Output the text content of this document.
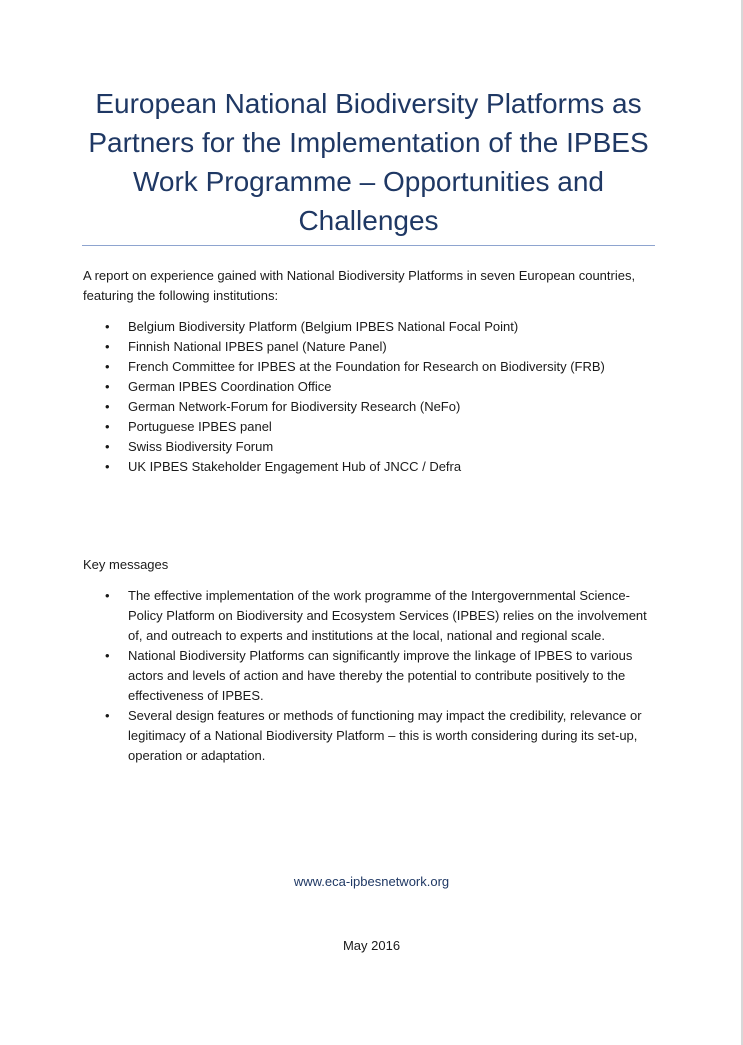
European National Biodiversity Platforms as Partners for the Implementation of the IPBES Work Programme – Opportunities and Challenges

A report on experience gained with National Biodiversity Platforms in seven European countries, featuring the following institutions:

• Belgium Biodiversity Platform (Belgium IPBES National Focal Point)
• Finnish National IPBES panel (Nature Panel)
• French Committee for IPBES at the Foundation for Research on Biodiversity (FRB)
• German IPBES Coordination Office
• German Network-Forum for Biodiversity Research (NeFo)
• Portuguese IPBES panel
• Swiss Biodiversity Forum
• UK IPBES Stakeholder Engagement Hub of JNCC / Defra

Key messages

• The effective implementation of the work programme of the Intergovernmental Science-Policy Platform on Biodiversity and Ecosystem Services (IPBES) relies on the involvement of, and outreach to experts and institutions at the local, national and regional scale.
• National Biodiversity Platforms can significantly improve the linkage of IPBES to various actors and levels of action and have thereby the potential to contribute positively to the effectiveness of IPBES.
• Several design features or methods of functioning may impact the credibility, relevance or legitimacy of a National Biodiversity Platform – this is worth considering during its set-up, operation or adaptation.
www.eca-ipbesnetwork.org
May 2016
